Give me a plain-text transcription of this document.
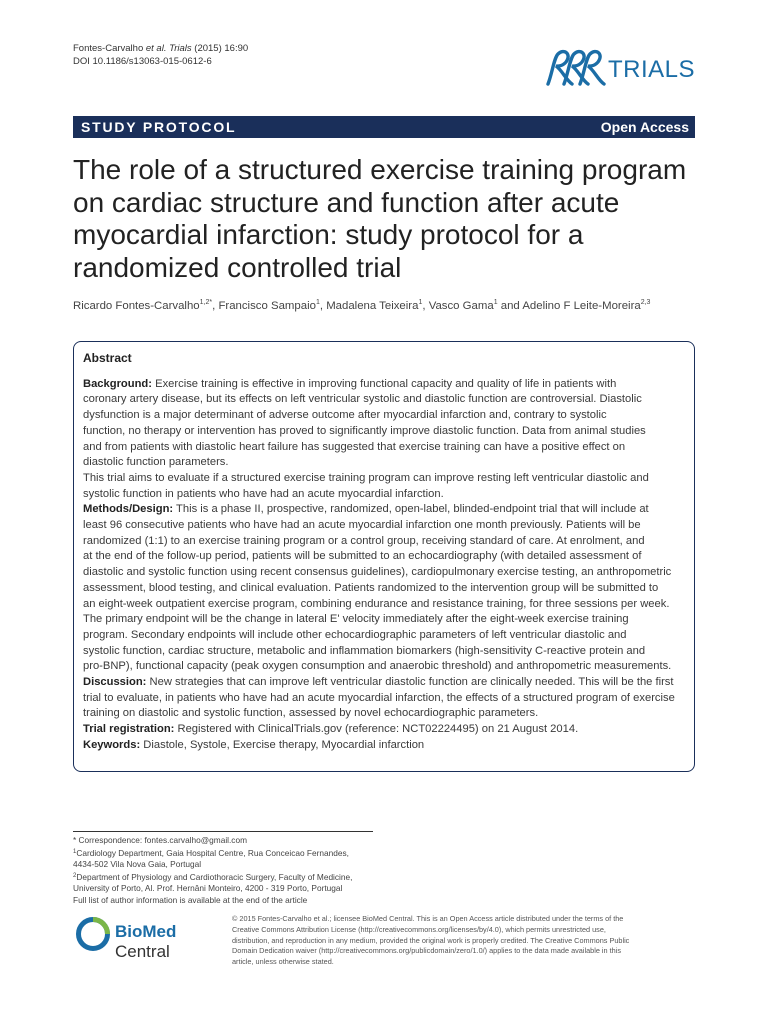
Fontes-Carvalho et al. Trials (2015) 16:90
DOI 10.1186/s13063-015-0612-6	TRIALS
STUDY PROTOCOL	Open Access
The role of a structured exercise training program
on cardiac structure and function after acute
myocardial infarction: study protocol for a
randomized controlled trial
Ricardo Fontes-Carvalho$^{1,2*}$, Francisco Sampaio$^1$, Madalena Teixeira$^1$, Vasco Gama$^1$ and Adelino F Leite-Moreira$^{2,3}$
Abstract
Background: Exercise training is effective in improving functional capacity and quality of life in patients with
coronary artery disease, but its effects on left ventricular systolic and diastolic function are controversial. Diastolic
dysfunction is a major determinant of adverse outcome after myocardial infarction and, contrary to systolic
function, no therapy or intervention has proved to significantly improve diastolic function. Data from animal studies
and from patients with diastolic heart failure has suggested that exercise training can have a positive effect on
diastolic function parameters.
This trial aims to evaluate if a structured exercise training program can improve resting left ventricular diastolic and
systolic function in patients who have had an acute myocardial infarction.
Methods/Design: This is a phase II, prospective, randomized, open-label, blinded-endpoint trial that will include at
least 96 consecutive patients who have had an acute myocardial infarction one month previously. Patients will be
randomized (1:1) to an exercise training program or a control group, receiving standard of care. At enrolment, and
at the end of the follow-up period, patients will be submitted to an echocardiography (with detailed assessment of
diastolic and systolic function using recent consensus guidelines), cardiopulmonary exercise testing, an anthropometric
assessment, blood testing, and clinical evaluation. Patients randomized to the intervention group will be submitted to
an eight-week outpatient exercise program, combining endurance and resistance training, for three sessions per week.
The primary endpoint will be the change in lateral E' velocity immediately after the eight-week exercise training
program. Secondary endpoints will include other echocardiographic parameters of left ventricular diastolic and
systolic function, cardiac structure, metabolic and inflammation biomarkers (high-sensitivity C-reactive protein and
pro-BNP), functional capacity (peak oxygen consumption and anaerobic threshold) and anthropometric measurements.
Discussion: New strategies that can improve left ventricular diastolic function are clinically needed. This will be the first
trial to evaluate, in patients who have had an acute myocardial infarction, the effects of a structured program of exercise
training on diastolic and systolic function, assessed by novel echocardiographic parameters.
Trial registration: Registered with ClinicalTrials.gov (reference: NCT02224495) on 21 August 2014.
Keywords: Diastole, Systole, Exercise therapy, Myocardial infarction
* Correspondence: fontes.carvalho@gmail.com
$^1$Cardiology Department, Gaia Hospital Centre, Rua Conceicao Fernandes,
4434-502 Vila Nova Gaia, Portugal
$^2$Department of Physiology and Cardiothoracic Surgery, Faculty of Medicine,
University of Porto, Al. Prof. Hernâni Monteiro, 4200 - 319 Porto, Portugal
Full list of author information is available at the end of the article
BioMed Central
© 2015 Fontes-Carvalho et al.; licensee BioMed Central. This is an Open Access article distributed under the terms of the
Creative Commons Attribution License (http://creativecommons.org/licenses/by/4.0), which permits unrestricted use,
distribution, and reproduction in any medium, provided the original work is properly credited. The Creative Commons Public
Domain Dedication waiver (http://creativecommons.org/publicdomain/zero/1.0/) applies to the data made available in this
article, unless otherwise stated.
